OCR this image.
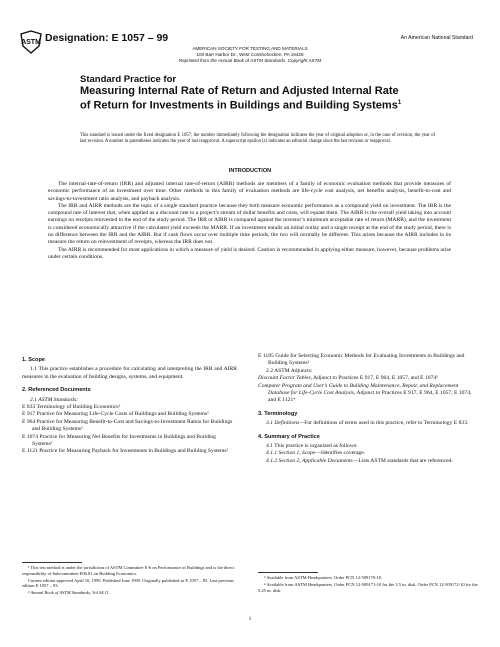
ASTM Designation: E 1057 – 99	An American National Standard
AMERICAN SOCIETY FOR TESTING AND MATERIALS
100 Barr Harbor Dr., West Conshohocken, PA 19428
Reprinted from the Annual Book of ASTM Standards. Copyright ASTM
Standard Practice for
Measuring Internal Rate of Return and Adjusted Internal Rate of Return for Investments in Buildings and Building Systems$^1$
This standard is issued under the fixed designation E 1057; the number immediately following the designation indicates the year of original adoption or, in the case of revision, the year of last revision. A number in parentheses indicates the year of last reapproval. A superscript epsilon (ε) indicates an editorial change since the last revision or reapproval.
INTRODUCTION

The internal-rate-of-return (IRR) and adjusted internal rate-of-return (AIRR) methods are members of a family of economic evaluation methods that provide measures of economic performance of an investment over time. Other methods in this family of evaluation methods are life-cycle cost analysis, net benefits analysis, benefit-to-cost and savings-to-investment ratio analysis, and payback analysis.

The IRR and AIRR methods are the topic of a single standard practice because they both measure economic performance as a compound yield on investment. The IRR is the compound rate of interest that, when applied as a discount rate to a project’s stream of dollar benefits and costs, will equate them. The AIRR is the overall yield taking into account earnings on receipts reinvested to the end of the study period. The IRR or AIRR is compared against the investor’s minimum acceptable rate of return (MARR), and the investment is considered economically attractive if the calculated yield exceeds the MARR. If an investment entails an initial outlay and a single receipt at the end of the study period, there is no difference between the IRR and the AIRR. But if cash flows occur over multiple time periods, the two will normally be different. This arises because the AIRR includes in its measure the return on reinvestment of receipts, whereas the IRR does not.

The AIRR is recommended for most applications in which a measure of yield is desired. Caution is recommended in applying either measure, however, because problems arise under certain conditions.

1. Scope

1.1 This practice establishes a procedure for calculating and interpreting the IRR and AIRR measures in the evaluation of building designs, systems, and equipment.

2. Referenced Documents

2.1 ASTM Standards:

E 833 Terminology of Building Economics²

E 917 Practice for Measuring Life-Cycle Costs of Buildings and Building Systems²

E 964 Practice for Measuring Benefit-to-Cost and Savings-to-Investment Ratios for Buildings and Building Systems²

E 1074 Practice for Measuring Net Benefits for Investments in Buildings and Building Systems²

E 1121 Practice for Measuring Payback for Investments in Buildings and Building Systems²

E 1185 Guide for Selecting Economic Methods for Evaluating Investments in Buildings and Building Systems²

2.2 ASTM Adjuncts:

Discount Factor Tables, Adjunct to Practices E 917, E 964, E 1057, and E 1074³

Computer Program and User’s Guide to Building Maintenance, Repair, and Replacement Database for Life-Cycle Cost Analysis, Adjunct to Practices E 917, E 964, E 1057, E 1074, and E 1121⁴

3. Terminology

3.1 Definitions—For definitions of terms used in this practice, refer to Terminology E 833.

4. Summary of Practice

4.1 This practice is organized as follows:

4.1.1 Section 1, Scope—Identifies coverage.

4.1.2 Section 2, Applicable Documents—Lists ASTM standards that are referenced.

¹ This test method is under the jurisdiction of ASTM Committee E-6 on Performance of Buildings and is the direct responsibility of Subcommittee E06.81 on Building Economics.

Current edition approved April 10, 1999. Published June 1999. Originally published as E 1057 – 85. Last previous edition E 1057 – 93.

² Annual Book of ASTM Standards, Vol 04.11.

³ Available from ASTM Headquarters. Order PCN 12-509170-10.

⁴ Available from ASTM Headquarters. Order PCN 12-509171-10 for the 3.5 in. disk. Order PCN 12-509172-10 for the 5.25 in. disk.

1
